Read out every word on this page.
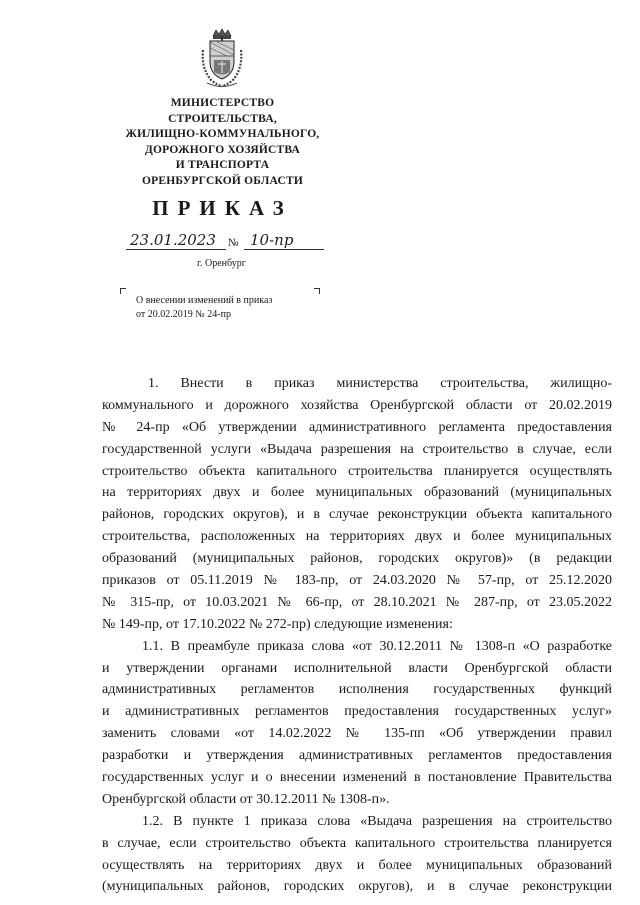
МИНИСТЕРСТВО
СТРОИТЕЛЬСТВА,
ЖИЛИЩНО-КОММУНАЛЬНОГО,
ДОРОЖНОГО ХОЗЯЙСТВА
И ТРАНСПОРТА
ОРЕНБУРГСКОЙ ОБЛАСТИ
ПРИКАЗ
23.01.2023 № 10-пр
г. Оренбург
О внесении изменений в приказ
от 20.02.2019 № 24-пр
1. Внести в приказ министерства строительства, жилищно-
коммунального и дорожного хозяйства Оренбургской области от 20.02.2019
№ 24-пр «Об утверждении административного регламента предоставления
государственной услуги «Выдача разрешения на строительство в случае, если
строительство объекта капитального строительства планируется осуществлять
на территориях двух и более муниципальных образований (муниципальных
районов, городских округов), и в случае реконструкции объекта капитального
строительства, расположенных на территориях двух и более муниципальных
образований (муниципальных районов, городских округов)» (в редакции
приказов от 05.11.2019 № 183-пр, от 24.03.2020 № 57-пр, от 25.12.2020
№ 315-пр, от 10.03.2021 № 66-пр, от 28.10.2021 № 287-пр, от 23.05.2022
№ 149-пр, от 17.10.2022 № 272-пр) следующие изменения:
1.1. В преамбуле приказа слова «от 30.12.2011 № 1308-п «О разработке
и утверждении органами исполнительной власти Оренбургской области
административных регламентов исполнения государственных функций
и административных регламентов предоставления государственных услуг»
заменить словами «от 14.02.2022 № 135-пп «Об утверждении правил
разработки и утверждения административных регламентов предоставления
государственных услуг и о внесении изменений в постановление Правительства
Оренбургской области от 30.12.2011 № 1308-п».
1.2. В пункте 1 приказа слова «Выдача разрешения на строительство
в случае, если строительство объекта капитального строительства планируется
осуществлять на территориях двух и более муниципальных образований
(муниципальных районов, городских округов), и в случае реконструкции
